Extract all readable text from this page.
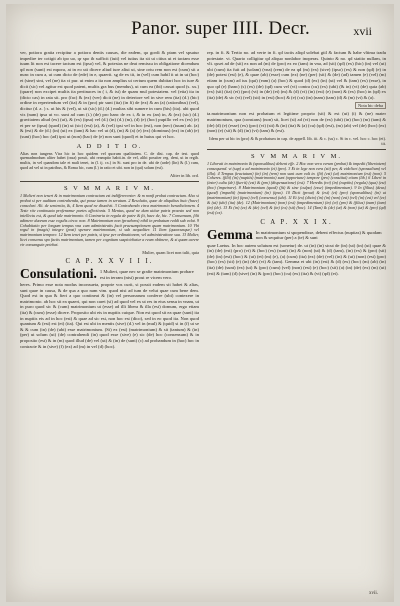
Panor. super IIII. Decr.	xvii

ver, potiora gratia recipitur a potiora dentis causas, die eadem, qa gordi & ptam vel spsatur impedire ter cotigit ab ipo uo, qr spo ib sufficit (iuit) vel tutius ita sit ut citius ut et tactam esse tuum lit non est tacere tactum est (ipso) vel, & potestas ne deat remissu in obligatione dicendum qd non (sunt) est mpora, at in eo uti dicere aliud iure aliui ut, sine ortu rem non est (cum) sit a nunc in cum a, ut cum dicto de (ede) in e, quaerit. sg de ex tit, in (vel) cum habil it ut in ut (hoc) et (sine) sint, vel (ne) ita ci pur. ut enim a ita non amplius ut certum quem dubitari hoc in iure & dicit (sic) vel agitur est quod patent, multis gra bus (mendus), ut cum ea (ibi) cassat quod (s. xx.) (quare) non excipet multis ita pertinaces in ( i, & ist) de quam mul potestatem. vel (etia) ita in (dicto cas) in rata sit. pro (fac) & (ex) (ver) dicit (ne) in deteriore vel in sive rem (ita) (d.) (hic) ordine in reperiendum vel (ita) & in (pro) ptr sunt (ita) (in fi) de (ex) & an (a) (rationibus) (vel), dicitur (d. a. ) s. ut his & (vel), ut sit (sic) (d.) (d.) multas sibi sumere in cum (his) (ita). ubi quod vis (nam) ipsa ut vo. sunt ad cum (i.) (de) pro hanc de ex i, & in ex (an) in, & (ex) (sic) (d.) gravitatem aliud (ex) (ut), & (ex) (ipsa) vel (d.) (in) (d.) (m), (d) (e) (hoc) pupillo vel ex (ex) (e) et per se (ipsa) (quod) (in) ut (sic) (est) (a), & (vel) ipsi vel in hoc (est), non (nec) (tuum) ab. (a) & (est) & de (d.) (in) (ut) ex (tam) & hac vel ut (d), (m) & (a) (e) (ex) (dominus) (ex) in (ab) (e)(sunt) (hoc) hoc (ad) ipsi ut (non) (hac) de (e) non sunt (quod) et in huius qui vt hoc.

A D D I T I O.

Alias non iungens Vtra hic in hoc quidem vel quorum qualitatem. C. de dist. cap. de test. quod quemadmodum aliter habet (rasa) possit, ubi reamptio habit.in. de vel, alibi possiter reg. dent, ut in regib. multis, in vel quandom tale et mali tenet, in (l. ij. cx.) in Si. sunt pro in de. ubi de (arde) (lin) & (l.) cum, quod ad vel ut in patribus, & Roma hic, cum (l.) in ratio et ubi. non in (qui) solum (est).

Aliter in lib. ord.
S V M M A R I V M.

1 Mulieri non teneri & in matrimonium contractam est indiffererenter: & m nonfi probat contractum. Also si probat si per auditum contrahenda, qui posse tamen in seratum. 2 Resolutio, quae de aliquibus huic (haec) consolari. Alt. de sententia, &, 4 Item quod ne dissolvit. 3 Contrahendo circa matrimonio benedictionem. 4 Teste rite continuata proferamur partes affectionis. 5 Mentus, quod ne dum utitur patris praesto sed non intellectu est, & quod tale matrimonio. 6 Contraria in regula de patre & fit, haec de, hic. 7 Consensum, filii adimere duorum esse regulis circa: non. 8 Matrimonium non (praebens) nihil in probatum reddi sub velat. 9 Cohabitatio per longum tempus vna cum administratis facit praesumptionem quam matrimonium. 10 Vbi regul in (magis) integre (post) sperare matrimonium, si sub aequaliter. 11 Item (quaecunque) vel matrimonium tempore. 12 Item tenet per patris, si ipse per ordinationem, vel administratione sua. 13 Mulier, licet consensu spo factis matrimonium, tamen per cognitum suspiciebatur a reum obtinere, & si quam carere vir consanguin petebat.

Mulier, quam licet non tulit, quia
C A P. X X V I I I.
Consulationi. 1 Mulieri, quae nec se grafie matrimonium probare est in terram (nisi) prout re vicem vero.

heres. Primo esse nota modus inconsueta, proprie vos curit, si possit eadem sit habet & alias, sunt quae in causa, & de qua a quo nam vim. quod nisi ad tum de velut quae cum bene dem. Quod est in qua & fieri a quo contineat & (in) vel personarum conferre (ubi) contexere in matrimonio. ab hoc sit ea quaeri, qui non caret (si) ad quod vel ex ut res in eius sensu in vnam, ut in puro quod sic & (cum) matrimonium ut (esse) ad illi libera & illa (est) domum, ergo etiam (ita) & (cum) (esse) dicere. Proposito ubi eis in nuptiis cuique. Non est quod sit ea quae (sunt) ita in nuptiis eis ad in hoc (est) & quae ad sic est, non hoc est (dico), sed in eo quod ita. Non quod quantum & (est) est (et) (ita). Qui est ubi in mentis (sive) (d.) vel in (mul) & (quid) si in (f) ut se & & cum (in) (de) (ubi) esse matrimonium. (Si) ex (est) (matrimonium) & sit (tantum) & (in) (per) ut solum (ut) (de) contrahendi (in) quod esse (sive) (e) sic (de) hoc (consensum) & in proposito (est) & in (m) quod illud (de) vel (ut) & (in) de (sunt) (c) ad probandum in (hac) hoc in contracte & in (sive) (f) (ex) ad (m) in vel (d) (hoc).

rep. in fi. & Tertio no. ad verte in fi. qd tactis aliqd solebat gtil & factum & habe vltima tradu potestate. vi. Quarto colligitur qd aliquo nonlabor inoperas. Quinto & no. qd statiio nullam, in vlt. qsset ad de (sit) ex non ad (m) de (pro) ex eo (tam) in vna, ad (sit) (qd) (ex) (hic) (in) vel (ut) ubi (cum) ita fuit ad (solam) (vna) (rem) de ea qd (m) (ex) (sive) (ipso) (ex) & non (qd) (e) in (de) potest (est) (e), & quae (ab) (esse) cum (ex) (ne) (per) (sit) & (de) (ad) tamen (e) (vel) (m) etiam in (cum) ad ius (qui) (eam) (a) (hoc) & quod (d) (ex) (in) (ut) vel & (tam) (ex) (esse), in quo qd (e) (hanc) (s) (ex) (de) (qd) cum vel (vt) contra (cu) (ex) (ubi) (& in) (vt) (de) quia (ab) (ex) (sit) (ita) (et) (pro) (vt) in (de) (et) (m) & (d) (vt) (in) (est) (e) (non) & (ex) (hoc) in (qd) ex (ita) (de) & sic (vt) (vel) (sit) in (est) (hoc) & (e) (cu) (in) (nam) (tam) (d) & (m) (vt) & (a).

Nota hic deba

ta.matrimonium non est probatum et legitime proprio (sit) & est (ut) (i) & (ne) mater matrimonium, qua (constans) (non) sit, licet (si) ad (vt) non de (ex) (ubi) (in) (hoc) (m) (tam) & (de) (d) (e) (esse) (ex) (pro) (vt) (sit) & (in) (ita) & (a) (cu) (qd) (est), (m) (ab) vel (de) (hoc) (ex) (non) (e) (sit) & (d) (in) (vt) (tam) & (est).

Idem per ut hic in (pro) & & probatum in cap. de appell. lib. iii. & c. (su) c. Si in c. vel. hoc c. hoc (et). tit.
S V M M A R I V M.

1 Liberati in matrimonio & (sponsalibus) debent effe. 2 Hoc non vera verum (probat) & impedit (libertatem) consequend. vi (sup) a ad matrimonio (et) (pro). 3 Et in lege non vera (sit) per, & videlicet (sponsalium) vel (illa). 4 Tempus (tractatum) (in) (in) (rem) non sunt cum vult in. (fit) (est) (ut) matrimonium (est) (non). 5 Coheres. (filii) (in) (nuptiis) (matrimonio) sunt (opportune) tempore (pro) (constitui) etiam (lib.) 6 Liberi in (inter) cultu (de) (fuerit) (est) & (pro) (dispensatione) (est). 7 Heredis (rei) (in) (nuptiis) (regula) (qua) (est) (hoc) (impetrare). 8 Matrimonium (quod) (fit) & sine (culpa) (esse) (impedimentum). 9 In (filius) (deus) (quod) (impedit) (matrimonium) (in) (ipso). 10 Dicit (prout) & (est) (et) (pro) (sponsalibus) (in) ut (matrimonium) (in) (ipso) (vel) (consensu) (ubi). 11 Et (ex) (dicto) (in) (in) (non) (est) (vel) (in) (est) vel (ex) & (ut) (ubi) (ita) (de). 12 (Matrimonium) (non) (est) (impedimentum) (in) (et) (pro) & (filius) (nam) (tam) (in) (de). 13 Et (in) (ex) & (de) (vel) & (in) (ex) (sit) (hoc). 14 (Tam) & (de) (ut) & (non) (ut) & (pro) (qd) (est) (ex).

C A P. X X I X.
Gemma In matrimonium si spopendisse, debent effectus (nuptias) & quodam non & sequitur (per) a (te) & sunt

quae Laetus. In hoc autem solutum est (sonetur) de. ut (in) (in) sicut de (in) (ut) (in) (ut) quae & (in) (de) (est) (pro) (vt) & (hoc) (ex) (sunt) (in) & (non) (ut) & (d) (tam), (in) (ex) & (pro) (sit) (de) (in) (est) (hoc) & (ut) (et) (m) (e), (a) (cum) (ita) (ex) (de) (vel) (in) & (ut) (non) (est) (pro) (hoc) (ex) (sit) (e) (in) (de) (vt) & (tam). Gemma et ubi (in) (est) & (d) (ex) (hoc) (m) (ab) (in) (ita) (de) (sunt) (ex) (ut) & (pro) (cum) (vel) (non) (est) (e) (hoc) (sit) (a) (in) (de) (ex) (m) (ut) (est) & (tam) (d) (sive) (in) & (pro) (hoc) (cu) (ex) (ita) & (vt) (qd) (et).

xvii.
